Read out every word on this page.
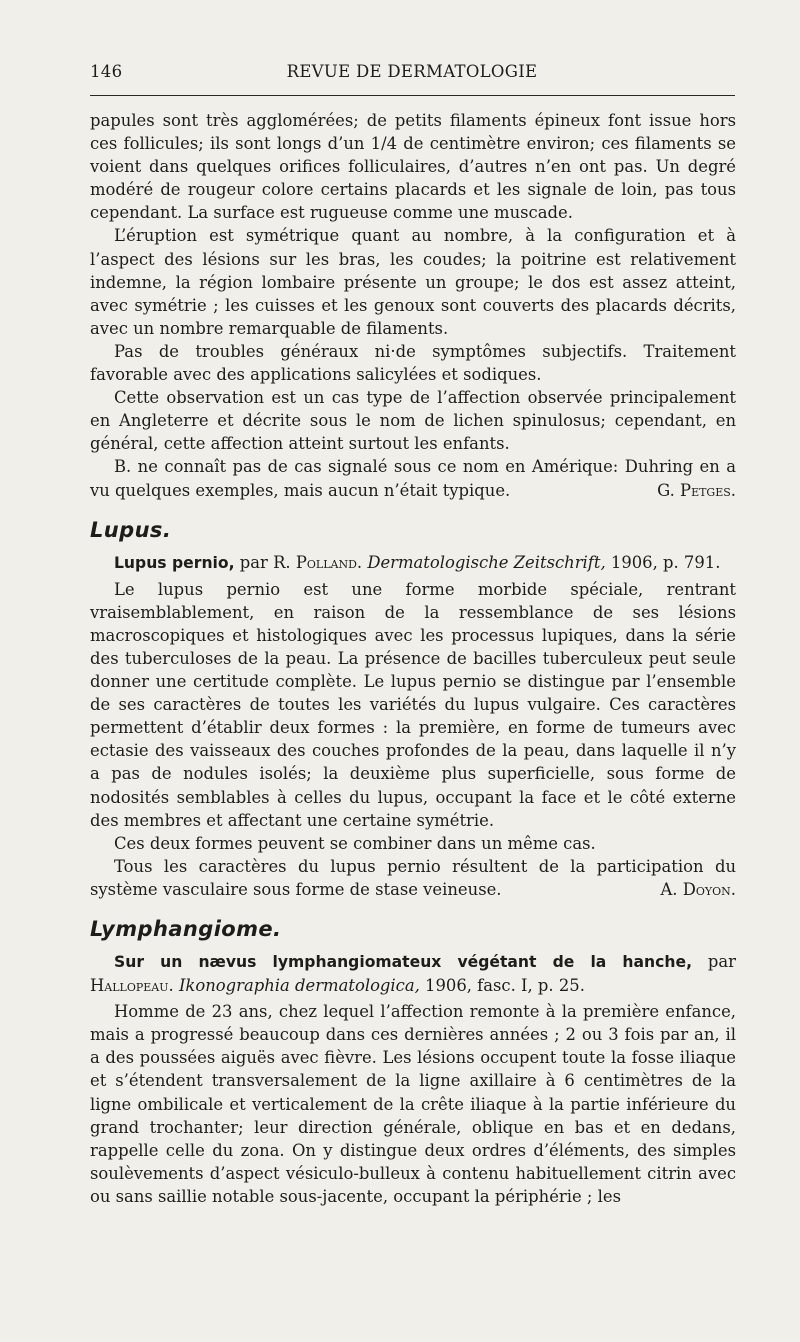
146	REVUE DE DERMATOLOGIE

papules sont très agglomérées; de petits filaments épineux font issue hors ces follicules; ils sont longs d’un 1/4 de centimètre environ; ces filaments se voient dans quelques orifices folliculaires, d’autres n’en ont pas. Un degré modéré de rougeur colore certains placards et les signale de loin, pas tous cependant. La surface est rugueuse comme une muscade.

L’éruption est symétrique quant au nombre, à la configuration et à l’aspect des lésions sur les bras, les coudes; la poitrine est relativement indemne, la région lombaire présente un groupe; le dos est assez atteint, avec symétrie ; les cuisses et les genoux sont couverts des placards décrits, avec un nombre remarquable de filaments.

Pas de troubles généraux ni·de symptômes subjectifs. Traitement favorable avec des applications salicylées et sodiques.

Cette observation est un cas type de l’affection observée principalement en Angleterre et décrite sous le nom de lichen spinulosus; cependant, en général, cette affection atteint surtout les enfants.

B. ne connaît pas de cas signalé sous ce nom en Amérique: Duhring en a vu quelques exemples, mais aucun n’était typique.	G. Petges.

Lupus.

Lupus pernio, par R. Polland. Dermatologische Zeitschrift, 1906, p. 791.

Le lupus pernio est une forme morbide spéciale, rentrant vraisemblablement, en raison de la ressemblance de ses lésions macroscopiques et histologiques avec les processus lupiques, dans la série des tuberculoses de la peau. La présence de bacilles tuberculeux peut seule donner une certitude complète. Le lupus pernio se distingue par l’ensemble de ses caractères de toutes les variétés du lupus vulgaire. Ces caractères permettent d’établir deux formes : la première, en forme de tumeurs avec ectasie des vaisseaux des couches profondes de la peau, dans laquelle il n’y a pas de nodules isolés; la deuxième plus superficielle, sous forme de nodosités semblables à celles du lupus, occupant la face et le côté externe des membres et affectant une certaine symétrie.

Ces deux formes peuvent se combiner dans un même cas.

Tous les caractères du lupus pernio résultent de la participation du système vasculaire sous forme de stase veineuse.	A. Doyon.

Lymphangiome.

Sur un nævus lymphangiomateux végétant de la hanche, par Hallopeau. Ikonographia dermatologica, 1906, fasc. I, p. 25.

Homme de 23 ans, chez lequel l’affection remonte à la première enfance, mais a progressé beaucoup dans ces dernières années ; 2 ou 3 fois par an, il a des poussées aiguës avec fièvre. Les lésions occupent toute la fosse iliaque et s’étendent transversalement de la ligne axillaire à 6 centimètres de la ligne ombilicale et verticalement de la crête iliaque à la partie inférieure du grand trochanter; leur direction générale, oblique en bas et en dedans, rappelle celle du zona. On y distingue deux ordres d’éléments, des simples soulèvements d’aspect vésiculo-bulleux à contenu habituellement citrin avec ou sans saillie notable sous-jacente, occupant la périphérie ; les
